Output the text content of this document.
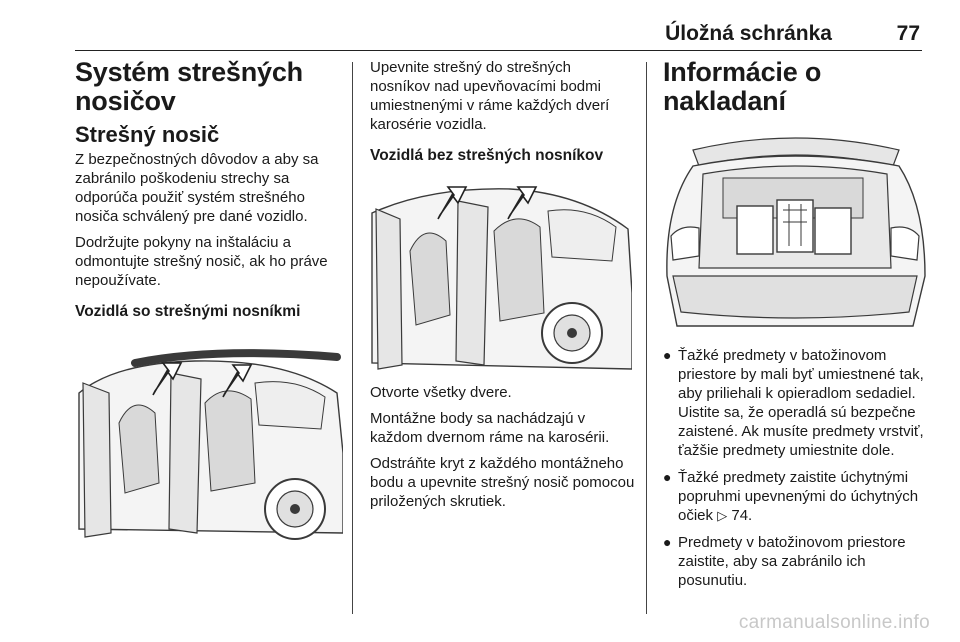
Úložná schránka	77
Systém strešných nosičov
Strešný nosič

Z bezpečnostných dôvodov a aby sa zabránilo poškodeniu strechy sa odporúča použiť systém strešného nosiča schválený pre dané vozidlo.

Dodržujte pokyny na inštaláciu a odmontujte strešný nosič, ak ho práve nepoužívate.

Vozidlá so strešnými nosníkmi

Upevnite strešný do strešných nosníkov nad upevňovacími bodmi umiestnenými v ráme každých dverí karosérie vozidla.

Vozidlá bez strešných nosníkov

Otvorte všetky dvere.

Montážne body sa nachádzajú v každom dvernom ráme na karosérii.

Odstráňte kryt z každého montážneho bodu a upevnite strešný nosič pomocou priložených skrutiek.

Informácie o nakladaní
● Ťažké predmety v batožinovom priestore by mali byť umiestnené tak, aby priliehali k opieradlom sedadiel. Uistite sa, že operadlá sú bezpečne zaistené. Ak musíte predmety vrstviť, ťažšie predmety umiestnite dole.
● Ťažké predmety zaistite úchytnými popruhmi upevnenými do úchytných očiek ▷ 74.
● Predmety v batožinovom priestore zaistite, aby sa zabránilo ich posunutiu.
carmanualsonline.info
